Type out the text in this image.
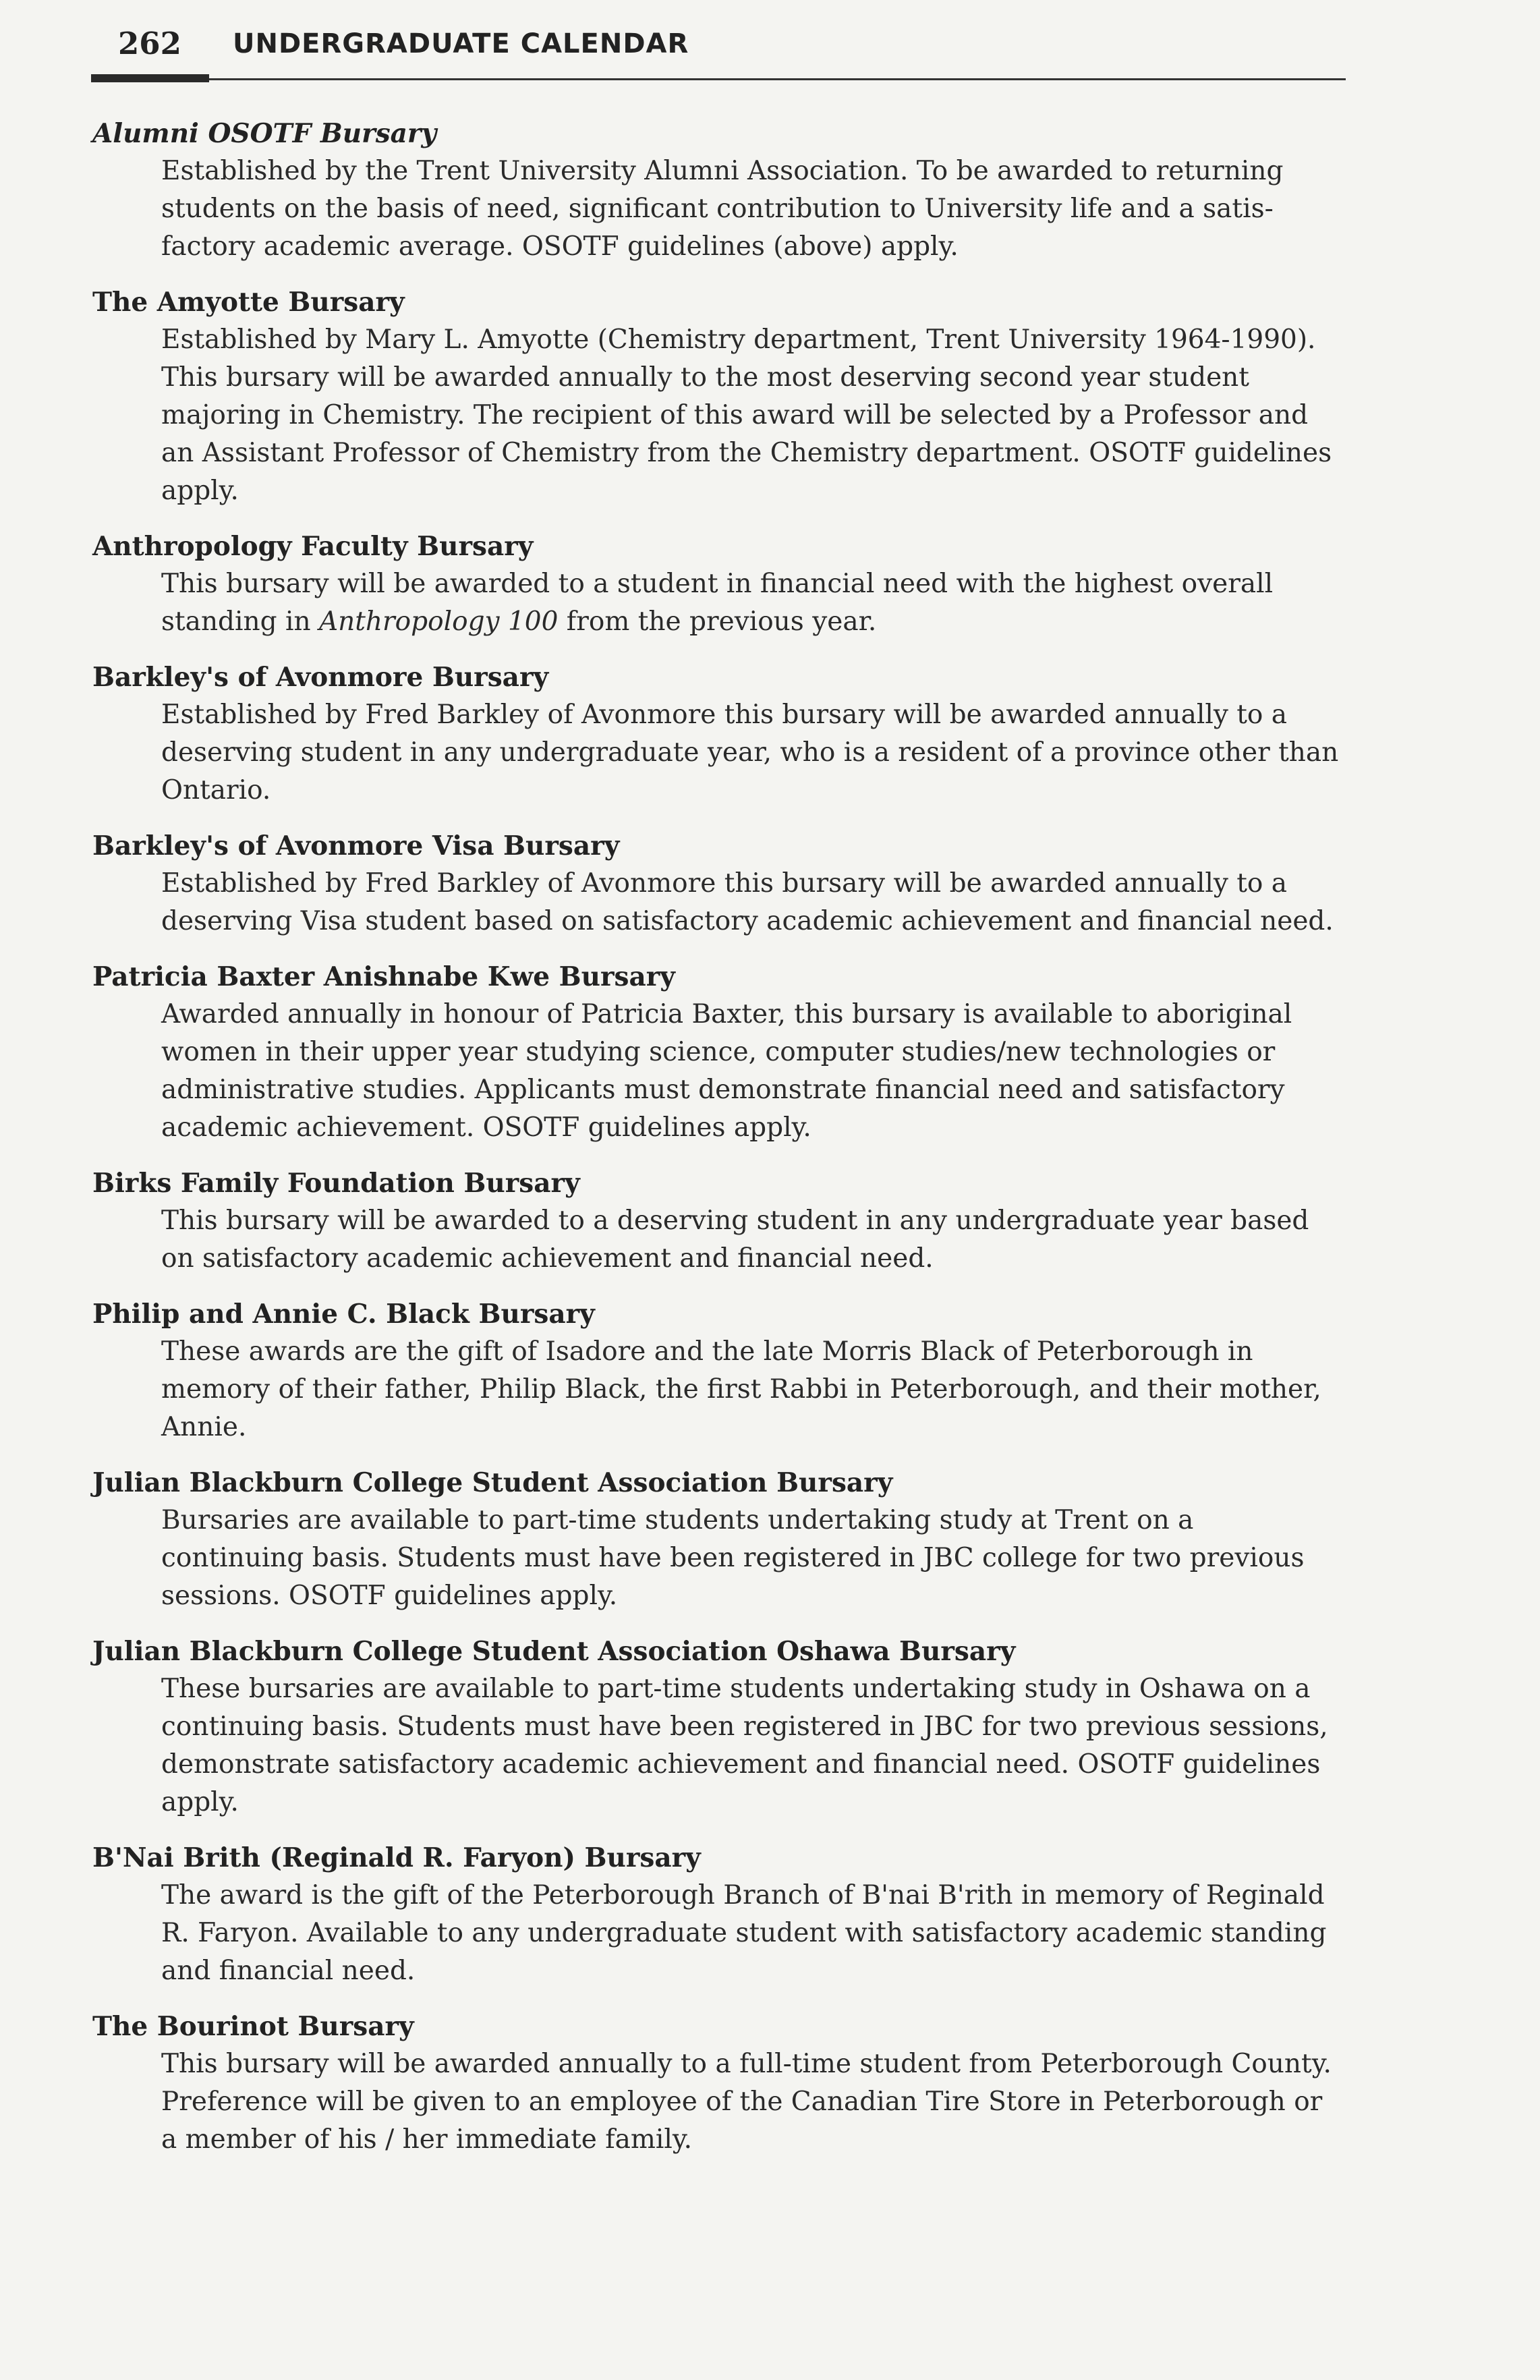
262 UNDERGRADUATE CALENDAR

Alumni OSOTF Bursary

Established by the Trent University Alumni Association. To be awarded to returning students on the basis of need, significant contribution to University life and a satis-factory academic average. OSOTF guidelines (above) apply.

The Amyotte Bursary

Established by Mary L. Amyotte (Chemistry department, Trent University 1964-1990). This bursary will be awarded annually to the most deserving second year student majoring in Chemistry. The recipient of this award will be selected by a Professor and an Assistant Professor of Chemistry from the Chemistry department. OSOTF guidelines apply.

Anthropology Faculty Bursary

This bursary will be awarded to a student in financial need with the highest overall standing in Anthropology 100 from the previous year.

Barkley's of Avonmore Bursary

Established by Fred Barkley of Avonmore this bursary will be awarded annually to a deserving student in any undergraduate year, who is a resident of a province other than Ontario.

Barkley's of Avonmore Visa Bursary

Established by Fred Barkley of Avonmore this bursary will be awarded annually to a deserving Visa student based on satisfactory academic achievement and financial need.

Patricia Baxter Anishnabe Kwe Bursary

Awarded annually in honour of Patricia Baxter, this bursary is available to aboriginal women in their upper year studying science, computer studies/new technologies or administrative studies. Applicants must demonstrate financial need and satisfactory academic achievement. OSOTF guidelines apply.

Birks Family Foundation Bursary

This bursary will be awarded to a deserving student in any undergraduate year based on satisfactory academic achievement and financial need.

Philip and Annie C. Black Bursary

These awards are the gift of Isadore and the late Morris Black of Peterborough in memory of their father, Philip Black, the first Rabbi in Peterborough, and their mother, Annie.

Julian Blackburn College Student Association Bursary

Bursaries are available to part-time students undertaking study at Trent on a continuing basis. Students must have been registered in JBC college for two previous sessions. OSOTF guidelines apply.

Julian Blackburn College Student Association Oshawa Bursary

These bursaries are available to part-time students undertaking study in Oshawa on a continuing basis. Students must have been registered in JBC for two previous sessions, demonstrate satisfactory academic achievement and financial need. OSOTF guidelines apply.

B'Nai Brith (Reginald R. Faryon) Bursary

The award is the gift of the Peterborough Branch of B'nai B'rith in memory of Reginald R. Faryon. Available to any undergraduate student with satisfactory academic standing and financial need.

The Bourinot Bursary

This bursary will be awarded annually to a full-time student from Peterborough County. Preference will be given to an employee of the Canadian Tire Store in Peterborough or a member of his / her immediate family.
